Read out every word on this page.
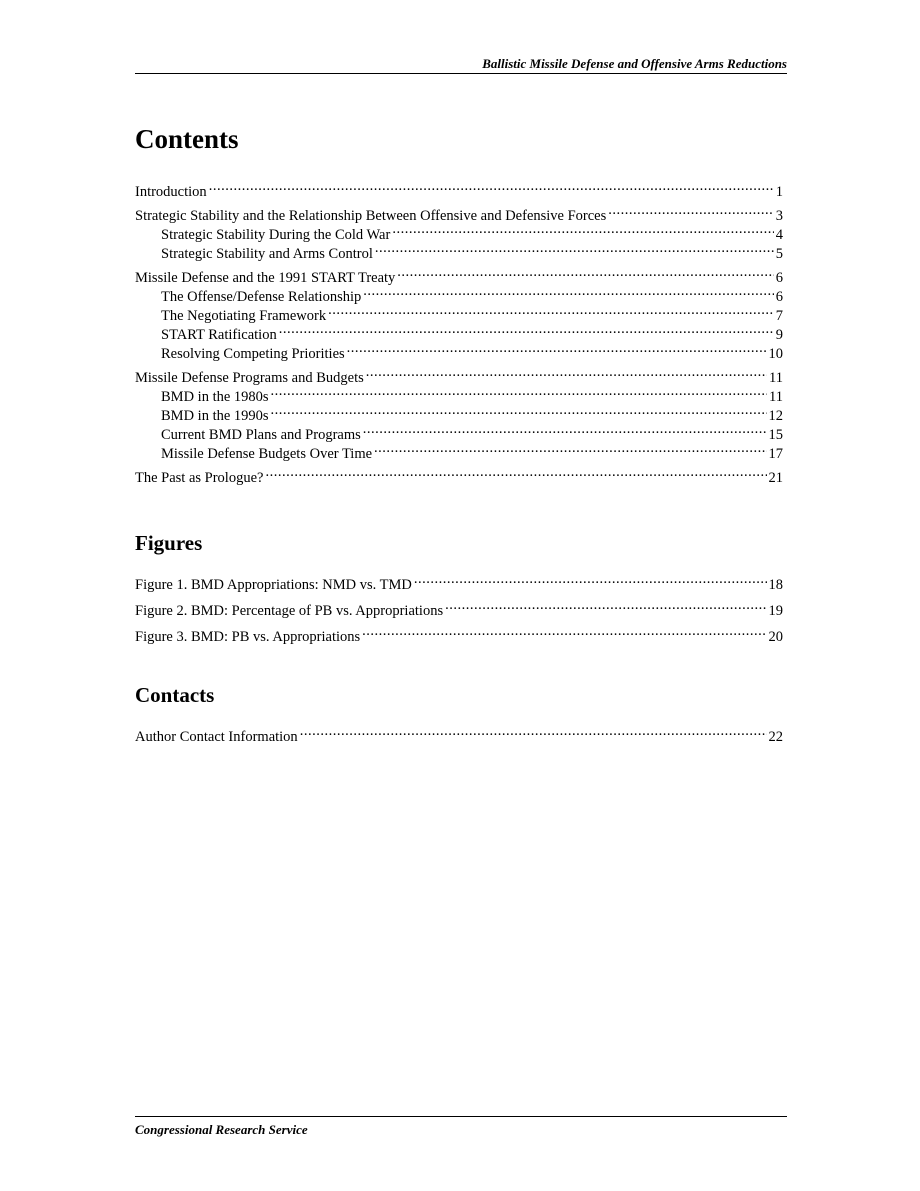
Ballistic Missile Defense and Offensive Arms Reductions
Contents
Introduction .....	1
Strategic Stability and the Relationship Between Offensive and Defensive Forces .....	3
Strategic Stability During the Cold War .....	4
Strategic Stability and Arms Control .....	5
Missile Defense and the 1991 START Treaty .....	6
The Offense/Defense Relationship .....	6
The Negotiating Framework .....	7
START Ratification .....	9
Resolving Competing Priorities .....	10
Missile Defense Programs and Budgets .....	11
BMD in the 1980s .....	11
BMD in the 1990s .....	12
Current BMD Plans and Programs .....	15
Missile Defense Budgets Over Time .....	17
The Past as Prologue? .....	21
Figures
Figure 1. BMD Appropriations: NMD vs. TMD .....	18
Figure 2. BMD: Percentage of PB vs. Appropriations .....	19
Figure 3. BMD: PB vs. Appropriations .....	20
Contacts
Author Contact Information .....	22
Congressional Research Service
